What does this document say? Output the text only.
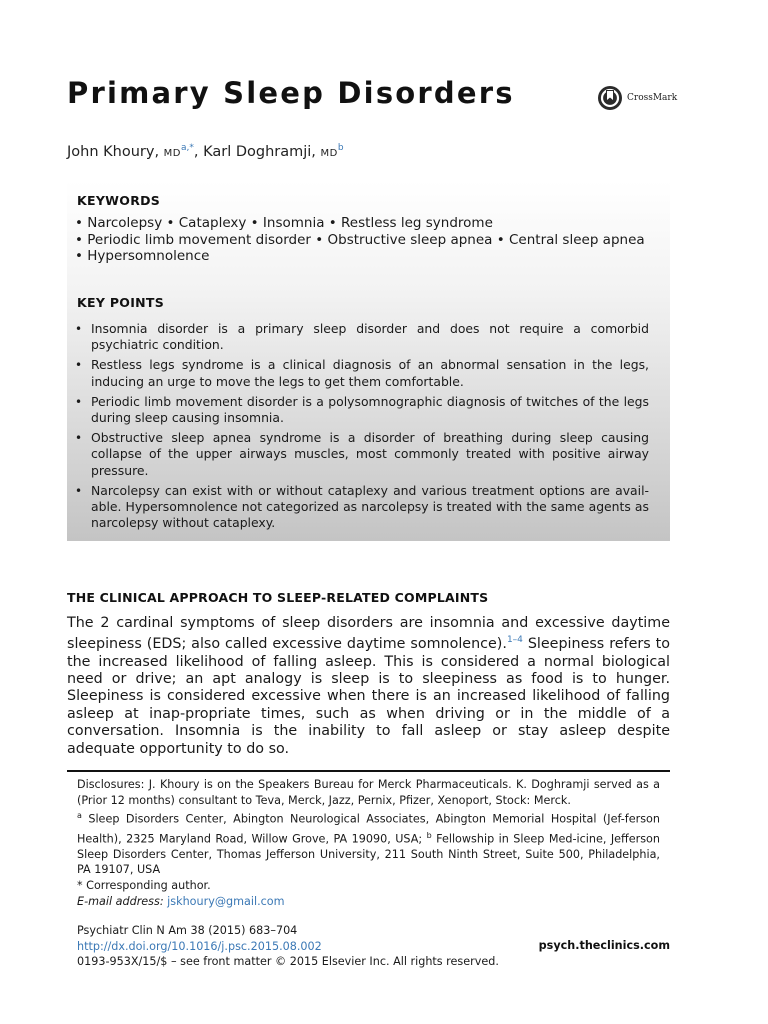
Primary Sleep Disorders	CrossMark
John Khoury, $MD^{a,*}$, Karl Doghramji, $MD^b$
KEYWORDS
• Narcolepsy • Cataplexy • Insomnia • Restless leg syndrome
• Periodic limb movement disorder • Obstructive sleep apnea • Central sleep apnea
• Hypersomnolence
KEY POINTS
• Insomnia disorder is a primary sleep disorder and does not require a comorbid psychiatric condition.
• Restless legs syndrome is a clinical diagnosis of an abnormal sensation in the legs, inducing an urge to move the legs to get them comfortable.
• Periodic limb movement disorder is a polysomnographic diagnosis of twitches of the legs during sleep causing insomnia.
• Obstructive sleep apnea syndrome is a disorder of breathing during sleep causing collapse of the upper airways muscles, most commonly treated with positive airway pressure.
• Narcolepsy can exist with or without cataplexy and various treatment options are avail-able. Hypersomnolence not categorized as narcolepsy is treated with the same agents as narcolepsy without cataplexy.
THE CLINICAL APPROACH TO SLEEP-RELATED COMPLAINTS

The 2 cardinal symptoms of sleep disorders are insomnia and excessive daytime sleepiness (EDS; also called excessive daytime somnolence).$^{1-4}$ Sleepiness refers to the increased likelihood of falling asleep. This is considered a normal biological need or drive; an apt analogy is sleep is to sleepiness as food is to hunger. Sleepiness is considered excessive when there is an increased likelihood of falling asleep at inap-propriate times, such as when driving or in the middle of a conversation. Insomnia is the inability to fall asleep or stay asleep despite adequate opportunity to do so.

Disclosures: J. Khoury is on the Speakers Bureau for Merck Pharmaceuticals. K. Doghramji served as a (Prior 12 months) consultant to Teva, Merck, Jazz, Pernix, Pfizer, Xenoport, Stock: Merck.

$^a$ Sleep Disorders Center, Abington Neurological Associates, Abington Memorial Hospital (Jef-ferson Health), 2325 Maryland Road, Willow Grove, PA 19090, USA; $^b$ Fellowship in Sleep Med-icine, Jefferson Sleep Disorders Center, Thomas Jefferson University, 211 South Ninth Street, Suite 500, Philadelphia, PA 19107, USA

* Corresponding author.

E-mail address: jskhoury@gmail.com

Psychiatr Clin N Am 38 (2015) 683–704

http://dx.doi.org/10.1016/j.psc.2015.08.002

0193-953X/15/$ – see front matter © 2015 Elsevier Inc. All rights reserved.

psych.theclinics.com
